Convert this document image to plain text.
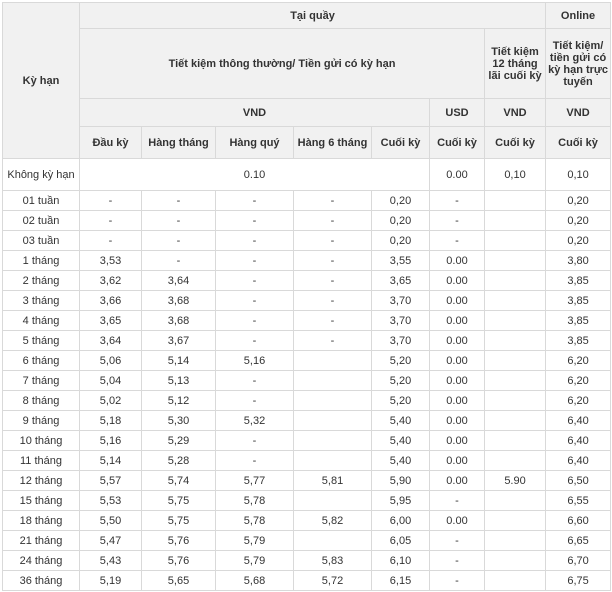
Kỳ hạn	Tại quầy							Online
	Tiết kiệm thông thường/ Tiền gửi có kỳ hạn						Tiết kiệm 12 tháng lãi cuối kỳ	Tiết kiệm/ tiền gửi có kỳ hạn trực tuyến
	VND					USD	VND	VND
	Đầu kỳ	Hàng tháng	Hàng quý	Hàng 6 tháng	Cuối kỳ	Cuối kỳ	Cuối kỳ	Cuối kỳ
Không kỳ hạn	0.10					0.00	0,10	0,10
01 tuần	-	-	-	-	0,20	-		0,20
02 tuần	-	-	-	-	0,20	-		0,20
03 tuần	-	-	-	-	0,20	-		0,20
1 tháng	3,53	-	-	-	3,55	0.00		3,80
2 tháng	3,62	3,64	-	-	3,65	0.00		3,85
3 tháng	3,66	3,68	-	-	3,70	0.00		3,85
4 tháng	3,65	3,68	-	-	3,70	0.00		3,85
5 tháng	3,64	3,67	-	-	3,70	0.00		3,85
6 tháng	5,06	5,14	5,16		5,20	0.00		6,20
7 tháng	5,04	5,13	-		5,20	0.00		6,20
8 tháng	5,02	5,12	-		5,20	0.00		6,20
9 tháng	5,18	5,30	5,32		5,40	0.00		6,40
10 tháng	5,16	5,29	-		5,40	0.00		6,40
11 tháng	5,14	5,28	-		5,40	0.00		6,40
12 tháng	5,57	5,74	5,77	5,81	5,90	0.00	5.90	6,50
15 tháng	5,53	5,75	5,78		5,95	-		6,55
18 tháng	5,50	5,75	5,78	5,82	6,00	0.00		6,60
21 tháng	5,47	5,76	5,79		6,05	-		6,65
24 tháng	5,43	5,76	5,79	5,83	6,10	-		6,70
36 tháng	5,19	5,65	5,68	5,72	6,15	-		6,75
